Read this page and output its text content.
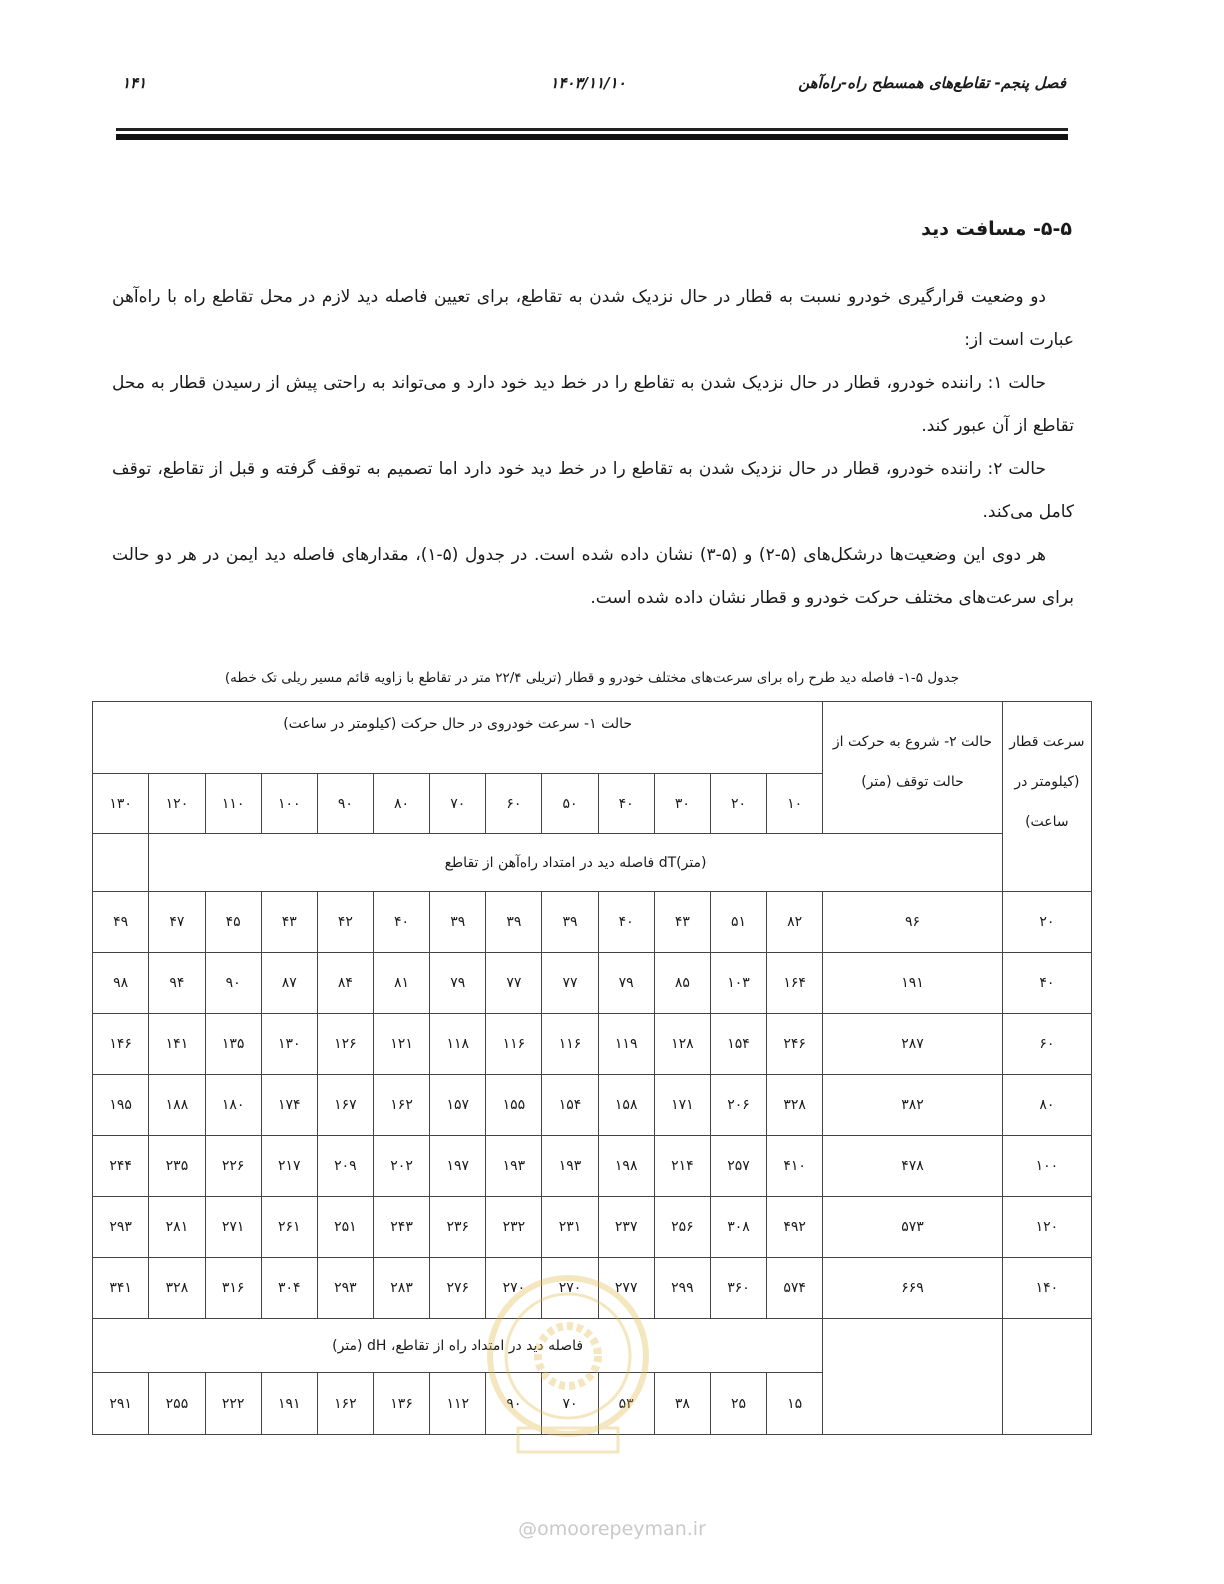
فصل پنجم- تقاطع‌های همسطح راه-راه‌آهن
۱۴۰۳/۱۱/۱۰
۱۴۱
۵-۵- مسافت دید

دو وضعیت قرارگیری خودرو نسبت به قطار در حال نزدیک شدن به تقاطع، برای تعیین فاصله دید لازم در محل تقاطع راه با راه‌آهن عبارت است از:

حالت ۱: راننده خودرو، قطار در حال نزدیک شدن به تقاطع را در خط دید خود دارد و می‌تواند به راحتی پیش از رسیدن قطار به محل تقاطع از آن عبور کند.

حالت ۲: راننده خودرو، قطار در حال نزدیک شدن به تقاطع را در خط دید خود دارد اما تصمیم به توقف گرفته و قبل از تقاطع، توقف کامل می‌کند.

هر دوی این وضعیت‌ها درشکل‌های (۵-۲) و (۵-۳) نشان داده شده است. در جدول (۵-۱)، مقدارهای فاصله دید ایمن در هر دو حالت برای سرعت‌های مختلف حرکت خودرو و قطار نشان داده شده است.

جدول ۵-۱- فاصله دید طرح راه برای سرعت‌های مختلف خودرو و قطار (تریلی ۲۲/۴ متر در تقاطع با زاویه قائم مسیر ریلی تک خطه)
سرعت قطار (کیلومتر در ساعت)	حالت ۲- شروع به حرکت از حالت توقف (متر)	حالت ۱- سرعت خودروی در حال حرکت (کیلومتر در ساعت)												
		۱۰	۲۰	۳۰	۴۰	۵۰	۶۰	۷۰	۸۰	۹۰	۱۰۰	۱۱۰	۱۲۰	۱۳۰
	(متر)dT فاصله دید در امتداد راه‌آهن از تقاطع													
۲۰	۹۶	۸۲	۵۱	۴۳	۴۰	۳۹	۳۹	۳۹	۴۰	۴۲	۴۳	۴۵	۴۷	۴۹
۴۰	۱۹۱	۱۶۴	۱۰۳	۸۵	۷۹	۷۷	۷۷	۷۹	۸۱	۸۴	۸۷	۹۰	۹۴	۹۸
۶۰	۲۸۷	۲۴۶	۱۵۴	۱۲۸	۱۱۹	۱۱۶	۱۱۶	۱۱۸	۱۲۱	۱۲۶	۱۳۰	۱۳۵	۱۴۱	۱۴۶
۸۰	۳۸۲	۳۲۸	۲۰۶	۱۷۱	۱۵۸	۱۵۴	۱۵۵	۱۵۷	۱۶۲	۱۶۷	۱۷۴	۱۸۰	۱۸۸	۱۹۵
۱۰۰	۴۷۸	۴۱۰	۲۵۷	۲۱۴	۱۹۸	۱۹۳	۱۹۳	۱۹۷	۲۰۲	۲۰۹	۲۱۷	۲۲۶	۲۳۵	۲۴۴
۱۲۰	۵۷۳	۴۹۲	۳۰۸	۲۵۶	۲۳۷	۲۳۱	۲۳۲	۲۳۶	۲۴۳	۲۵۱	۲۶۱	۲۷۱	۲۸۱	۲۹۳
۱۴۰	۶۶۹	۵۷۴	۳۶۰	۲۹۹	۲۷۷	۲۷۰	۲۷۰	۲۷۶	۲۸۳	۲۹۳	۳۰۴	۳۱۶	۳۲۸	۳۴۱
		فاصله دید در امتداد راه از تقاطع، dH (متر)												
		۱۵	۲۵	۳۸	۵۳	۷۰	۹۰	۱۱۲	۱۳۶	۱۶۲	۱۹۱	۲۲۲	۲۵۵	۲۹۱
@omoorepeyman.ir
